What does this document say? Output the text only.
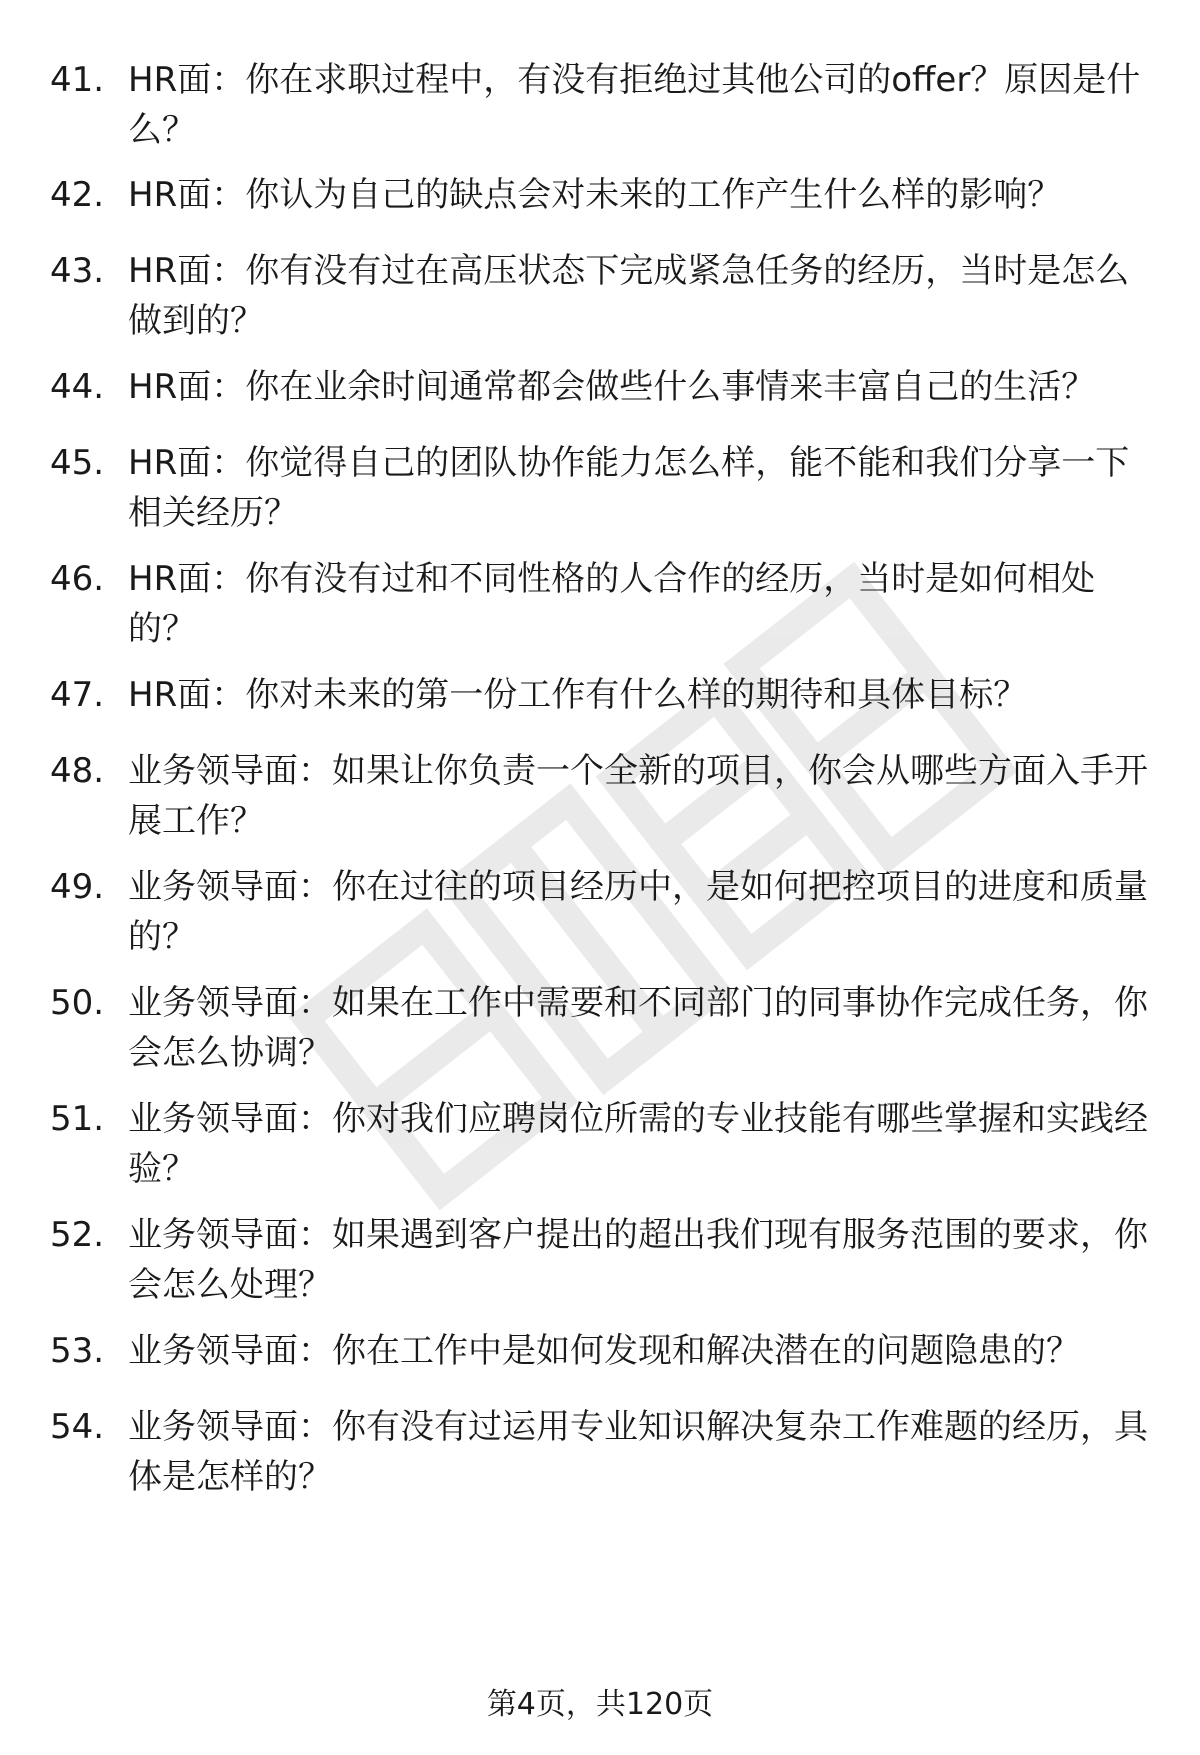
41. HR面：你在求职过程中，有没有拒绝过其他公司的offer？原因是什么？
42. HR面：你认为自己的缺点会对未来的工作产生什么样的影响？
43. HR面：你有没有过在高压状态下完成紧急任务的经历，当时是怎么做到的？
44. HR面：你在业余时间通常都会做些什么事情来丰富自己的生活？
45. HR面：你觉得自己的团队协作能力怎么样，能不能和我们分享一下相关经历？
46. HR面：你有没有过和不同性格的人合作的经历，当时是如何相处的？
47. HR面：你对未来的第一份工作有什么样的期待和具体目标？
48. 业务领导面：如果让你负责一个全新的项目，你会从哪些方面入手开展工作？
49. 业务领导面：你在过往的项目经历中，是如何把控项目的进度和质量的？
50. 业务领导面：如果在工作中需要和不同部门的同事协作完成任务，你会怎么协调？
51. 业务领导面：你对我们应聘岗位所需的专业技能有哪些掌握和实践经验？
52. 业务领导面：如果遇到客户提出的超出我们现有服务范围的要求，你会怎么处理？
53. 业务领导面：你在工作中是如何发现和解决潜在的问题隐患的？
54. 业务领导面：你有没有过运用专业知识解决复杂工作难题的经历，具体是怎样的？
第4页，共120页
